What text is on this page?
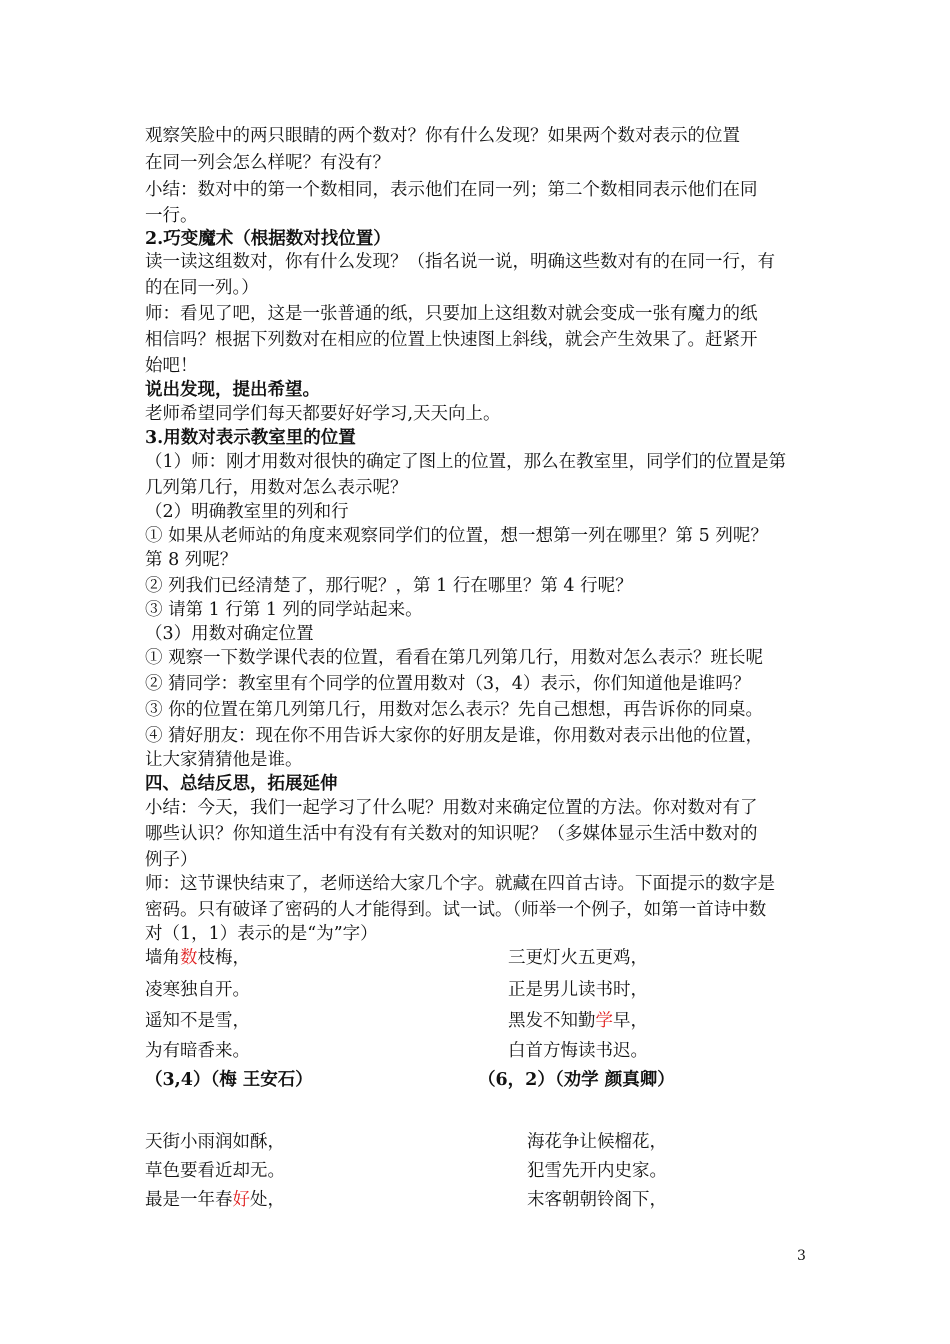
观察笑脸中的两只眼睛的两个数对？你有什么发现？如果两个数对表示的位置
在同一列会怎么样呢？有没有？
小结：数对中的第一个数相同，表示他们在同一列；第二个数相同表示他们在同
一行。
2.巧变魔术（根据数对找位置）
读一读这组数对，你有什么发现？（指名说一说，明确这些数对有的在同一行，有
的在同一列。）
师：看见了吧，这是一张普通的纸，只要加上这组数对就会变成一张有魔力的纸
相信吗？根据下列数对在相应的位置上快速图上斜线，就会产生效果了。赶紧开
始吧！
说出发现，提出希望。
老师希望同学们每天都要好好学习,天天向上。
3.用数对表示教室里的位置
（1）师：刚才用数对很快的确定了图上的位置，那么在教室里，同学们的位置是第
几列第几行，用数对怎么表示呢？
（2）明确教室里的列和行
① 如果从老师站的角度来观察同学们的位置，想一想第一列在哪里？第 5 列呢？
第 8 列呢？
② 列我们已经清楚了，那行呢？，第 1 行在哪里？第 4 行呢？
③ 请第 1 行第 1 列的同学站起来。
（3）用数对确定位置
① 观察一下数学课代表的位置，看看在第几列第几行，用数对怎么表示？班长呢
② 猜同学：教室里有个同学的位置用数对（3，4）表示，你们知道他是谁吗？
③ 你的位置在第几列第几行，用数对怎么表示？先自己想想，再告诉你的同桌。
④ 猜好朋友：现在你不用告诉大家你的好朋友是谁，你用数对表示出他的位置，
让大家猜猜他是谁。
四、总结反思，拓展延伸
小结：今天，我们一起学习了什么呢？用数对来确定位置的方法。你对数对有了
哪些认识？你知道生活中有没有有关数对的知识呢？（多媒体显示生活中数对的
例子）
师：这节课快结束了，老师送给大家几个字。就藏在四首古诗。下面提示的数字是
密码。只有破译了密码的人才能得到。试一试。（师举一个例子，如第一首诗中数
对（1，1）表示的是“为”字）
墙角数枝梅，
凌寒独自开。
遥知不是雪，
为有暗香来。
（3,4）（梅 王安石）
三更灯火五更鸡，
正是男儿读书时，
黑发不知勤学早，
白首方悔读书迟。
（6，2）（劝学 颜真卿）
天街小雨润如酥，
草色要看近却无。
最是一年春好处，
海花争让候榴花，
犯雪先开内史家。
末客朝朝铃阁下，
3
